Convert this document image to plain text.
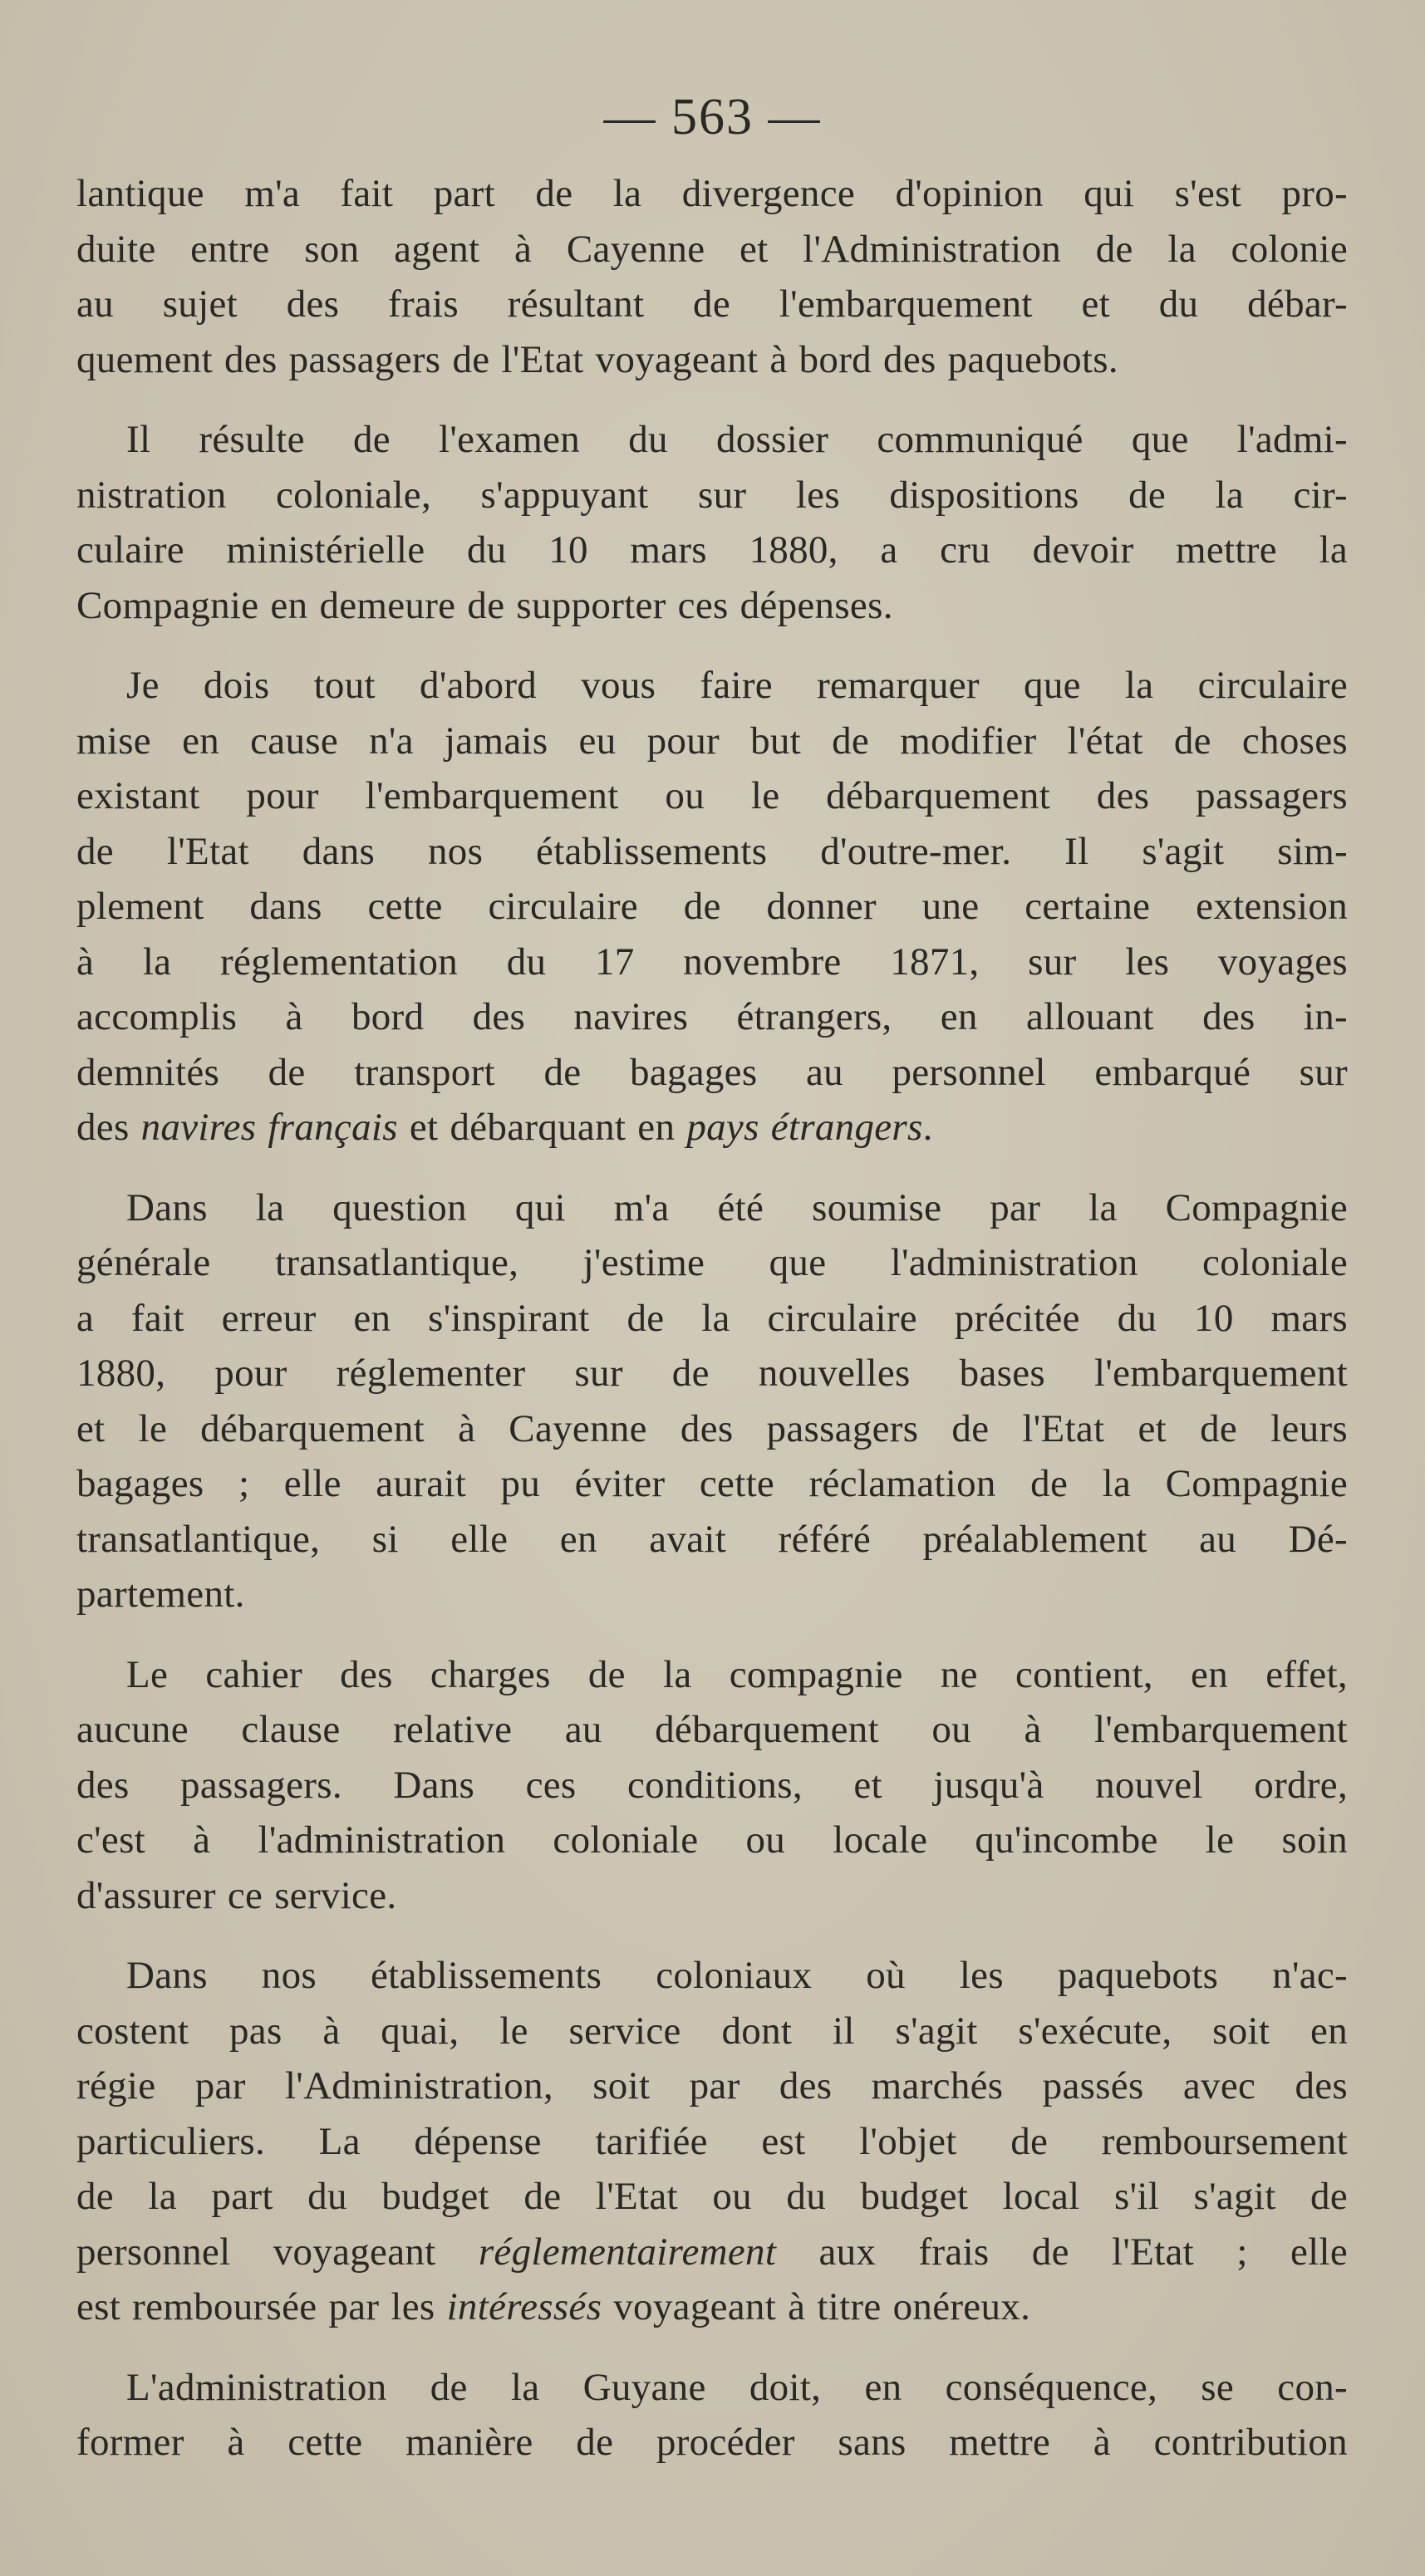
— 563 —

lantique m'a fait part de la divergence d'opinion qui s'est pro-
duite entre son agent à Cayenne et l'Administration de la colonie
au sujet des frais résultant de l'embarquement et du débar-
quement des passagers de l'Etat voyageant à bord des paquebots.

Il résulte de l'examen du dossier communiqué que l'admi-
nistration coloniale, s'appuyant sur les dispositions de la cir-
culaire ministérielle du 10 mars 1880, a cru devoir mettre la
Compagnie en demeure de supporter ces dépenses.

Je dois tout d'abord vous faire remarquer que la circulaire
mise en cause n'a jamais eu pour but de modifier l'état de choses
existant pour l'embarquement ou le débarquement des passagers
de l'Etat dans nos établissements d'outre-mer. Il s'agit sim-
plement dans cette circulaire de donner une certaine extension
à la réglementation du 17 novembre 1871, sur les voyages
accomplis à bord des navires étrangers, en allouant des in-
demnités de transport de bagages au personnel embarqué sur
des navires français et débarquant en pays étrangers.

Dans la question qui m'a été soumise par la Compagnie
générale transatlantique, j'estime que l'administration coloniale
a fait erreur en s'inspirant de la circulaire précitée du 10 mars
1880, pour réglementer sur de nouvelles bases l'embarquement
et le débarquement à Cayenne des passagers de l'Etat et de leurs
bagages ; elle aurait pu éviter cette réclamation de la Compagnie
transatlantique, si elle en avait référé préalablement au Dé-
partement.

Le cahier des charges de la compagnie ne contient, en effet,
aucune clause relative au débarquement ou à l'embarquement
des passagers. Dans ces conditions, et jusqu'à nouvel ordre,
c'est à l'administration coloniale ou locale qu'incombe le soin
d'assurer ce service.

Dans nos établissements coloniaux où les paquebots n'ac-
costent pas à quai, le service dont il s'agit s'exécute, soit en
régie par l'Administration, soit par des marchés passés avec des
particuliers. La dépense tarifiée est l'objet de remboursement
de la part du budget de l'Etat ou du budget local s'il s'agit de
personnel voyageant réglementairement aux frais de l'Etat ; elle
est remboursée par les intéressés voyageant à titre onéreux.

L'administration de la Guyane doit, en conséquence, se con-
former à cette manière de procéder sans mettre à contribution
